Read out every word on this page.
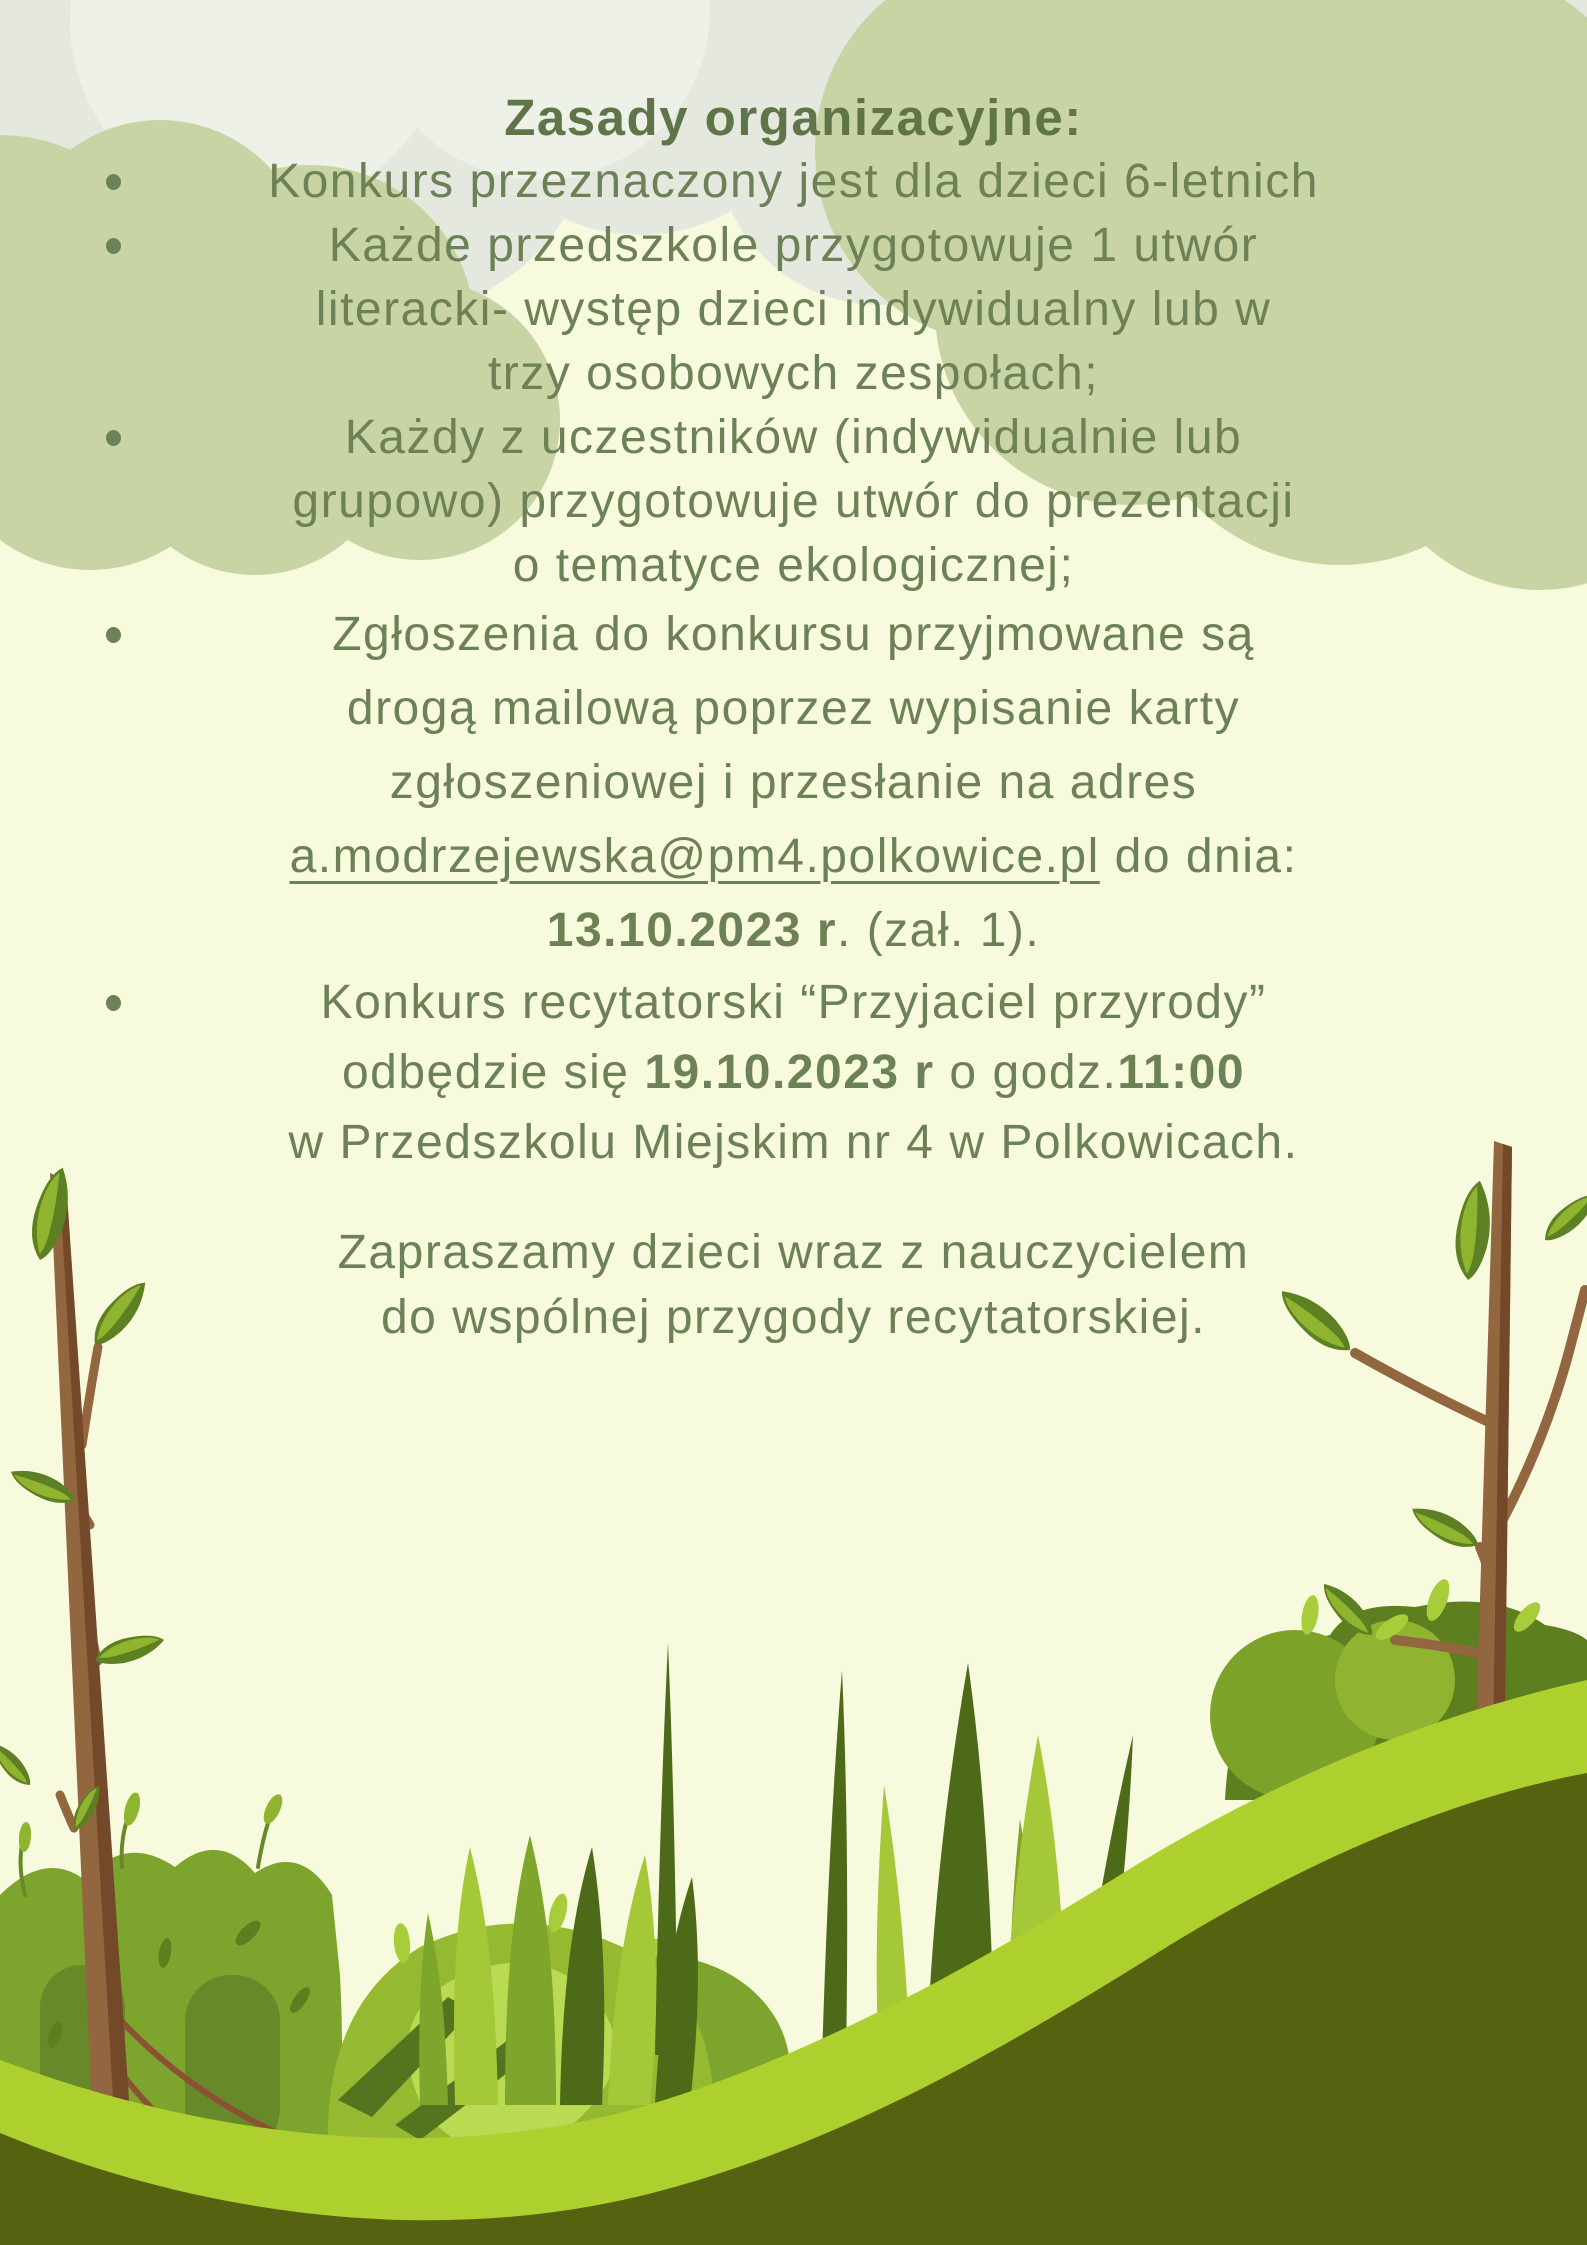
Zasady organizacyjne:
Konkurs przeznaczony jest dla dzieci 6-letnich
Każde przedszkole przygotowuje 1 utwór
literacki- występ dzieci indywidualny lub w
trzy osobowych zespołach;
Każdy z uczestników (indywidualnie lub
grupowo) przygotowuje utwór do prezentacji
o tematyce ekologicznej;
Zgłoszenia do konkursu przyjmowane są
drogą mailową poprzez wypisanie karty
zgłoszeniowej i przesłanie na adres
a.modrzejewska@pm4.polkowice.pl do dnia:
13.10.2023 r. (zał. 1).
Konkurs recytatorski “Przyjaciel przyrody”
odbędzie się 19.10.2023 r o godz.11:00
w Przedszkolu Miejskim nr 4 w Polkowicach.

Zapraszamy dzieci wraz z nauczycielem
do wspólnej przygody recytatorskiej.
